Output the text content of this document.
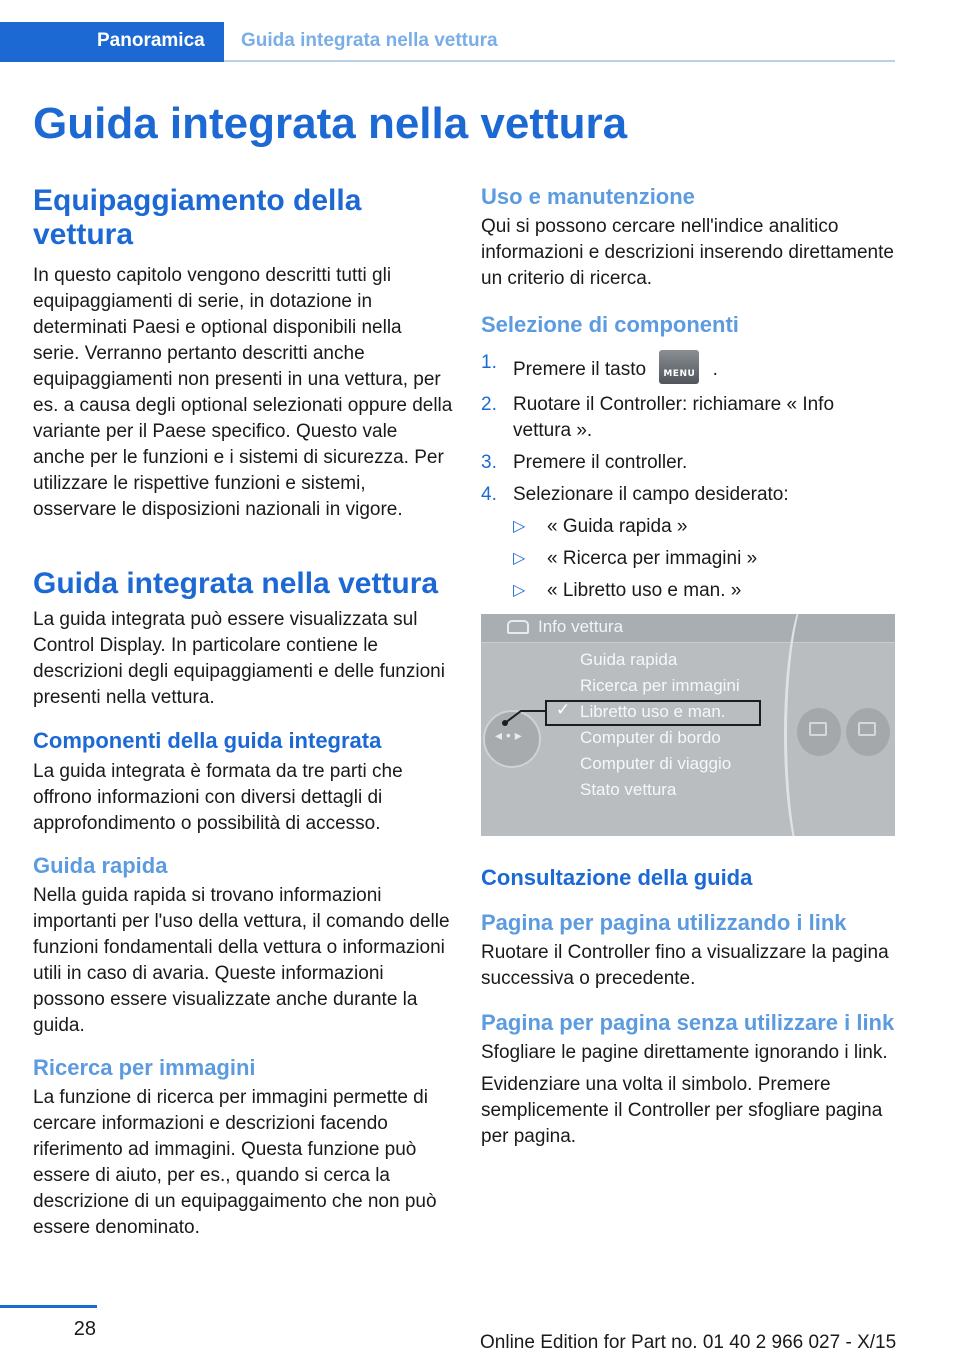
Panoramica Guida integrata nella vettura
Guida integrata nella vettura
Equipaggiamento della vettura

In questo capitolo vengono descritti tutti gli equipaggiamenti di serie, in dotazione in determinati Paesi e optional disponibili nella serie. Verranno pertanto descritti anche equipaggiamenti non presenti in una vettura, per es. a causa degli optional selezionati oppure della variante per il Paese specifico. Questo vale anche per le funzioni e i sistemi di sicurezza. Per utilizzare le rispettive funzioni e sistemi, osservare le disposizioni nazionali in vigore.

Guida integrata nella vettura

La guida integrata può essere visualizzata sul Control Display. In particolare contiene le descrizioni degli equipaggiamenti e delle funzioni presenti nella vettura.

Componenti della guida integrata

La guida integrata è formata da tre parti che offrono informazioni con diversi dettagli di approfondimento o possibilità di accesso.

Guida rapida

Nella guida rapida si trovano informazioni importanti per l'uso della vettura, il comando delle funzioni fondamentali della vettura o informazioni utili in caso di avaria. Queste informazioni possono essere visualizzate anche durante la guida.

Ricerca per immagini

La funzione di ricerca per immagini permette di cercare informazioni e descrizioni facendo riferimento ad immagini. Questa funzione può essere di aiuto, per es., quando si cerca la descrizione di un equipaggaimento che non può essere denominato.

Uso e manutenzione

Qui si possono cercare nell'indice analitico informazioni e descrizioni inserendo direttamente un criterio di ricerca.

Selezione di componenti
1. Premere il tasto	MENU .
2. Ruotare il Controller: richiamare « Info vettura ».
3. Premere il controller.
4. Selezionare il campo desiderato:
▷ « Guida rapida »
▷ « Ricerca per immagini »
▷ « Libretto uso e man. »
Info vettura
◂ • ▸
Guida rapida
Ricerca per immagini
✓ Libretto uso e man.
Computer di bordo
Computer di viaggio
Stato vettura
Consultazione della guida
Pagina per pagina utilizzando i link

Ruotare il Controller fino a visualizzare la pagina successiva o precedente.

Pagina per pagina senza utilizzare i link

Sfogliare le pagine direttamente ignorando i link.

Evidenziare una volta il simbolo. Premere semplicemente il Controller per sfogliare pagina per pagina.

28
Online Edition for Part no. 01 40 2 966 027 - X/15
